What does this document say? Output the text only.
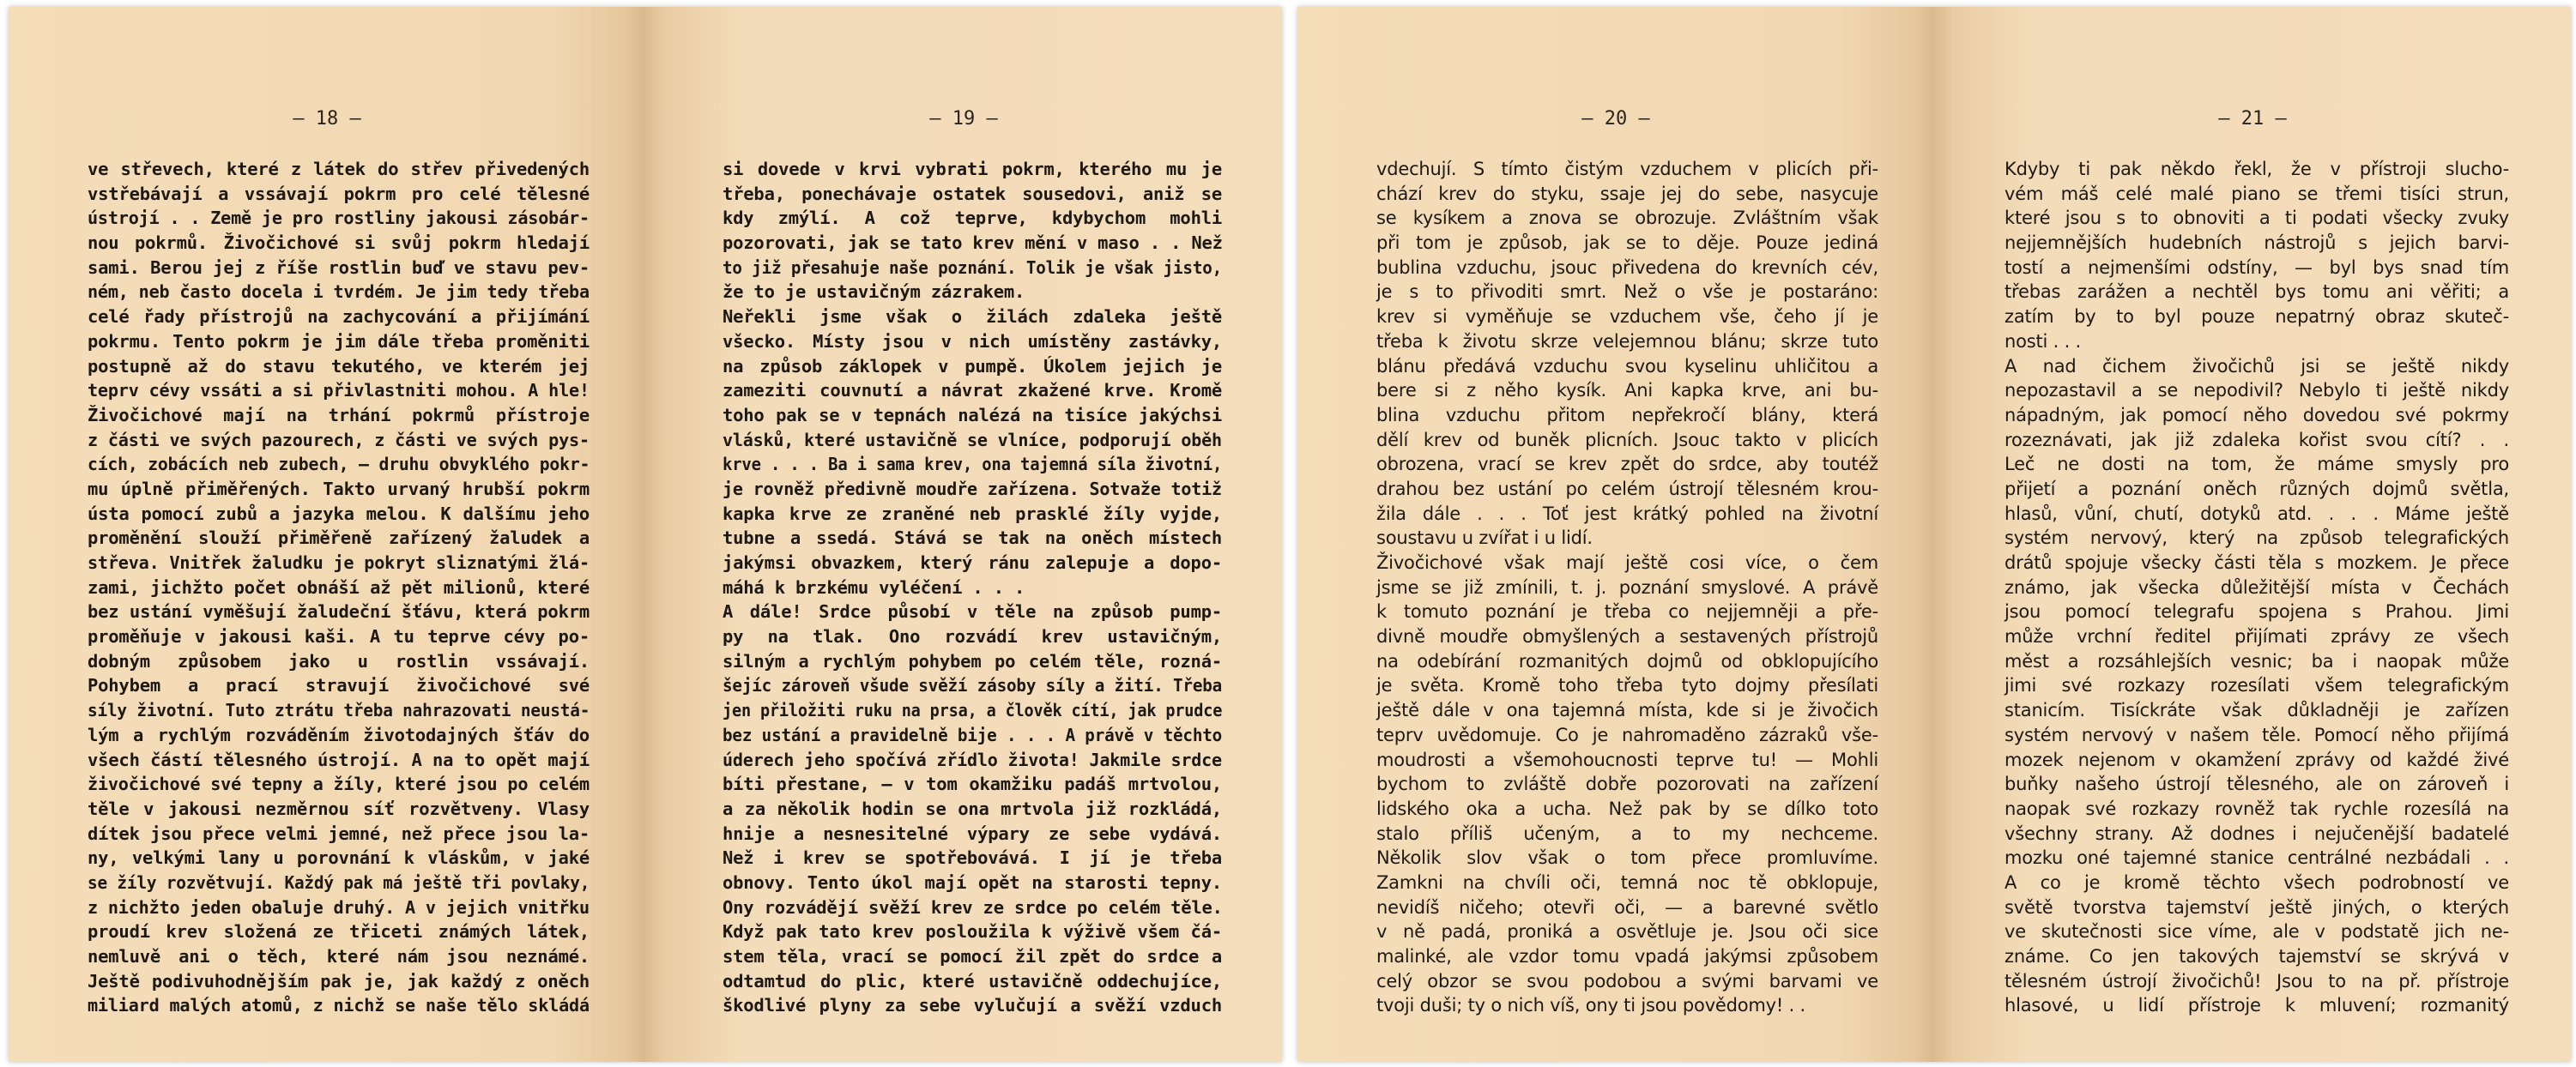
— 18 —
ve střevech, které z látek do střev přivedených
vstřebávají a vssávají pokrm pro celé tělesné
ústrojí . . Země je pro rostliny jakousi zásobár-
nou pokrmů. Živočichové si svůj pokrm hledají
sami. Berou jej z říše rostlin buď ve stavu pev-
ném, neb často docela i tvrdém. Je jim tedy třeba
celé řady přístrojů na zachycování a přijímání
pokrmu. Tento pokrm je jim dále třeba proměniti
postupně až do stavu tekutého, ve kterém jej
teprv cévy vssáti a si přivlastniti mohou. A hle!
Živočichové mají na trhání pokrmů přístroje
z části ve svých pazourech, z části ve svých pys-
cích, zobácích neb zubech, — druhu obvyklého pokr-
mu úplně přiměřených. Takto urvaný hrubší pokrm
ústa pomocí zubů a jazyka melou. K dalšímu jeho
proměnění slouží přiměřeně zařízený žaludek a
střeva. Vnitřek žaludku je pokryt sliznatými žlá-
zami, jichžto počet obnáší až pět milionů, které
bez ustání vyměšují žaludeční šťávu, která pokrm
proměňuje v jakousi kaši. A tu teprve cévy po-
dobným způsobem jako u rostlin vssávají.
Pohybem a prací stravují živočichové své
síly životní. Tuto ztrátu třeba nahrazovati neustá-
lým a rychlým rozváděním životodajných šťáv do
všech částí tělesného ústrojí. A na to opět mají
živočichové své tepny a žíly, které jsou po celém
těle v jakousi nezměrnou síť rozvětveny. Vlasy
dítek jsou přece velmi jemné, než přece jsou la-
ny, velkými lany u porovnání k vláskům, v jaké
se žíly rozvětvují. Každý pak má ještě tři povlaky,
z nichžto jeden obaluje druhý. A v jejich vnitřku
proudí krev složená ze třiceti známých látek,
nemluvě ani o těch, které nám jsou neznámé.
Ještě podivuhodnějším pak je, jak každý z oněch
miliard malých atomů, z nichž se naše tělo skládá
— 19 —
si dovede v krvi vybrati pokrm, kterého mu je
třeba, ponechávaje ostatek sousedovi, aniž se
kdy zmýlí. A což teprve, kdybychom mohli
pozorovati, jak se tato krev mění v maso . . Než
to již přesahuje naše poznání. Tolik je však jisto,
že to je ustavičným zázrakem.
Neřekli jsme však o žilách zdaleka ještě
všecko. Místy jsou v nich umístěny zastávky,
na způsob záklopek v pumpě. Úkolem jejich je
zameziti couvnutí a návrat zkažené krve. Kromě
toho pak se v tepnách nalézá na tisíce jakýchsi
vlásků, které ustavičně se vlníce, podporují oběh
krve . . . Ba i sama krev, ona tajemná síla životní,
je rovněž předivně moudře zařízena. Sotvaže totiž
kapka krve ze zraněné neb prasklé žíly vyjde,
tubne a ssedá. Stává se tak na oněch místech
jakýmsi obvazkem, který ránu zalepuje a dopo-
máhá k brzkému vyléčení . . .
A dále! Srdce působí v těle na způsob pump-
py na tlak. Ono rozvádí krev ustavičným,
silným a rychlým pohybem po celém těle, rozná-
šejíc zároveň všude svěží zásoby síly a žití. Třeba
jen přiložiti ruku na prsa, a člověk cítí, jak prudce
bez ustání a pravidelně bije . . . A právě v těchto
úderech jeho spočívá zřídlo života! Jakmile srdce
bíti přestane, — v tom okamžiku padáš mrtvolou,
a za několik hodin se ona mrtvola již rozkládá,
hnije a nesnesitelné výpary ze sebe vydává.
Než i krev se spotřebovává. I jí je třeba
obnovy. Tento úkol mají opět na starosti tepny.
Ony rozvádějí svěží krev ze srdce po celém těle.
Když pak tato krev posloužila k výživě všem čá-
stem těla, vrací se pomocí žil zpět do srdce a
odtamtud do plic, které ustavičně oddechujíce,
škodlivé plyny za sebe vylučují a svěží vzduch
— 20 —
vdechují. S tímto čistým vzduchem v plicích při-
chází krev do styku, ssaje jej do sebe, nasycuje
se kysíkem a znova se obrozuje. Zvláštním však
při tom je způsob, jak se to děje. Pouze jediná
bublina vzduchu, jsouc přivedena do krevních cév,
je s to přivoditi smrt. Než o vše je postaráno:
krev si vyměňuje se vzduchem vše, čeho jí je
třeba k životu skrze velejemnou blánu; skrze tuto
blánu předává vzduchu svou kyselinu uhličitou a
bere si z něho kysík. Ani kapka krve, ani bu-
blina vzduchu přitom nepřekročí blány, která
dělí krev od buněk plicních. Jsouc takto v plicích
obrozena, vrací se krev zpět do srdce, aby toutéž
drahou bez ustání po celém ústrojí tělesném krou-
žila dále . . . Toť jest krátký pohled na životní
soustavu u zvířat i u lidí.
Živočichové však mají ještě cosi více, o čem
jsme se již zmínili, t. j. poznání smyslové. A právě
k tomuto poznání je třeba co nejjemněji a pře-
divně moudře obmyšlených a sestavených přístrojů
na odebírání rozmanitých dojmů od obklopujícího
je světa. Kromě toho třeba tyto dojmy přesílati
ještě dále v ona tajemná místa, kde si je živočich
teprv uvědomuje. Co je nahromaděno zázraků vše-
moudrosti a všemohoucnosti teprve tu! — Mohli
bychom to zvláště dobře pozorovati na zařízení
lidského oka a ucha. Než pak by se dílko toto
stalo příliš učeným, a to my nechceme.
Několik slov však o tom přece promluvíme.
Zamkni na chvíli oči, temná noc tě obklopuje,
nevidíš ničeho; otevři oči, — a barevné světlo
v ně padá, proniká a osvětluje je. Jsou oči sice
malinké, ale vzdor tomu vpadá jakýmsi způsobem
celý obzor se svou podobou a svými barvami ve
tvoji duši; ty o nich víš, ony ti jsou povědomy! . .
— 21 —
Kdyby ti pak někdo řekl, že v přístroji slucho-
vém máš celé malé piano se třemi tisíci strun,
které jsou s to obnoviti a ti podati všecky zvuky
nejjemnějších hudebních nástrojů s jejich barvi-
tostí a nejmenšími odstíny, — byl bys snad tím
třebas zarážen a nechtěl bys tomu ani věřiti; a
zatím by to byl pouze nepatrný obraz skuteč-
nosti . . .
A nad čichem živočichů jsi se ještě nikdy
nepozastavil a se nepodivil? Nebylo ti ještě nikdy
nápadným, jak pomocí něho dovedou své pokrmy
rozeznávati, jak již zdaleka kořist svou cítí? . .
Leč ne dosti na tom, že máme smysly pro
přijetí a poznání oněch různých dojmů světla,
hlasů, vůní, chutí, dotyků atd. . . . Máme ještě
systém nervový, který na způsob telegrafických
drátů spojuje všecky části těla s mozkem. Je přece
známo, jak všecka důležitější místa v Čechách
jsou pomocí telegrafu spojena s Prahou. Jimi
může vrchní ředitel přijímati zprávy ze všech
měst a rozsáhlejších vesnic; ba i naopak může
jimi své rozkazy rozesílati všem telegrafickým
stanicím. Tisíckráte však důkladněji je zařízen
systém nervový v našem těle. Pomocí něho přijímá
mozek nejenom v okamžení zprávy od každé živé
buňky našeho ústrojí tělesného, ale on zároveň i
naopak své rozkazy rovněž tak rychle rozesílá na
všechny strany. Až dodnes i nejučenější badatelé
mozku oné tajemné stanice centrálné nezbádali . .
A co je kromě těchto všech podrobností ve
světě tvorstva tajemství ještě jiných, o kterých
ve skutečnosti sice víme, ale v podstatě jich ne-
známe. Co jen takových tajemství se skrývá v
tělesném ústrojí živočichů! Jsou to na př. přístroje
hlasové, u lidí přístroje k mluvení; rozmanitý
